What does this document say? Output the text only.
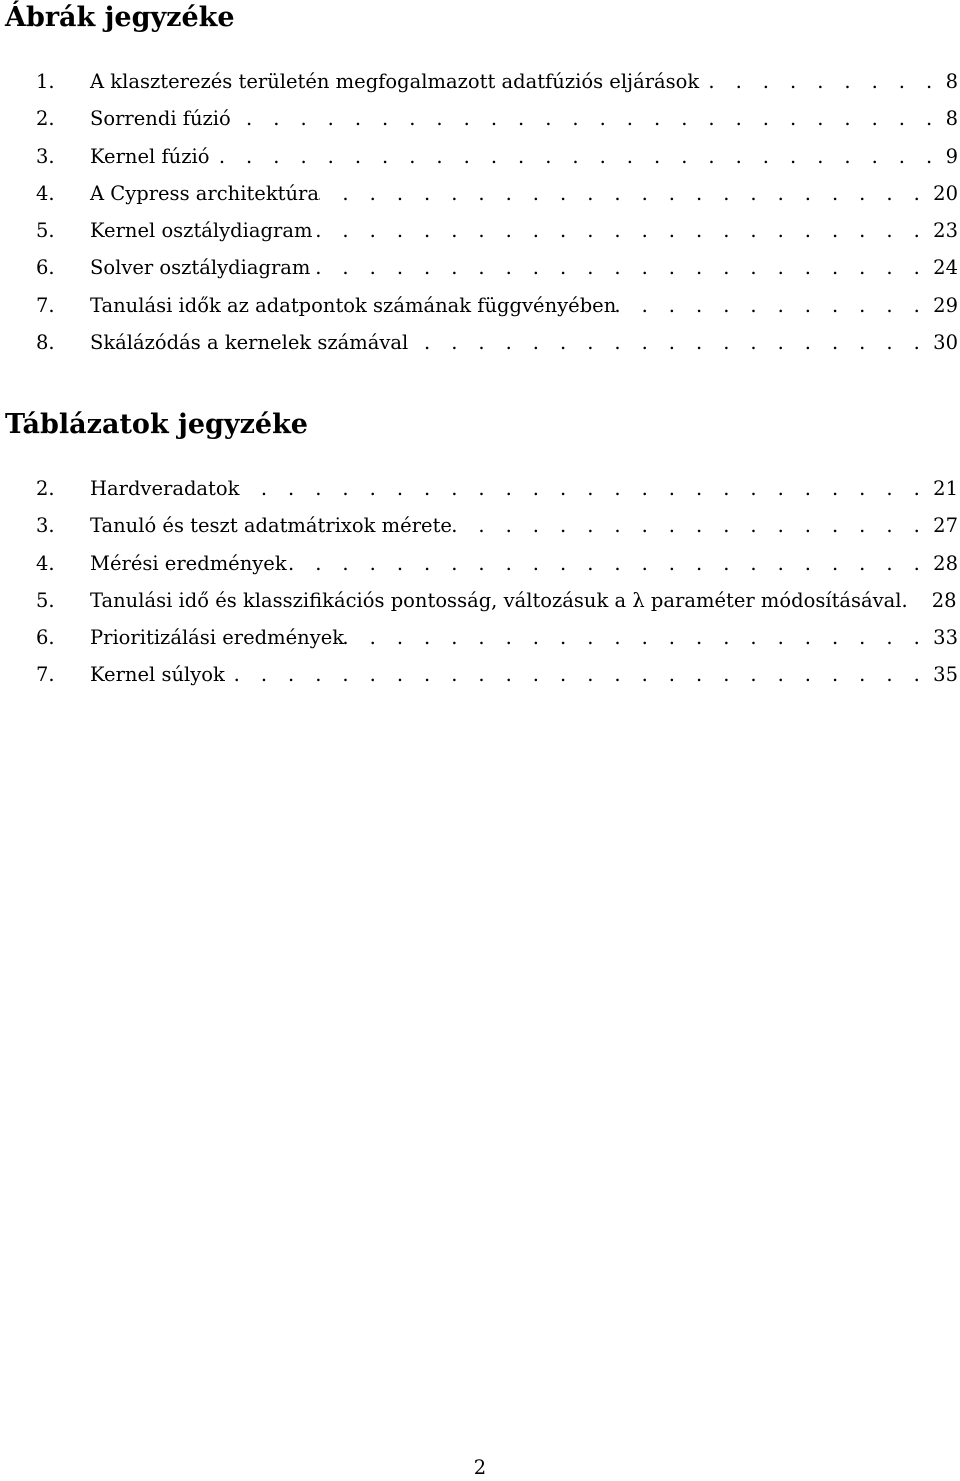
Ábrák jegyzéke
1. A klaszterezés területén megfogalmazott adatfúziós eljárások . . .	8
2. Sorrendi fúzió . . .	8
3. Kernel fúzió . . .	9
4. A Cypress architektúra . . .	20
5. Kernel osztálydiagram . . .	23
6. Solver osztálydiagram . . .	24
7. Tanulási idők az adatpontok számának függvényében . . .	29
8. Skálázódás a kernelek számával . . .	30
Táblázatok jegyzéke
2. Hardveradatok . . .	21
3. Tanuló és teszt adatmátrixok mérete . . .	27
4. Mérési eredmények . . .	28
5. Tanulási idő és klasszifikációs pontosság, változásuk a λ paraméter módosításával. 28
6. Prioritizálási eredmények . . .	33
7. Kernel súlyok . . .	35
2
